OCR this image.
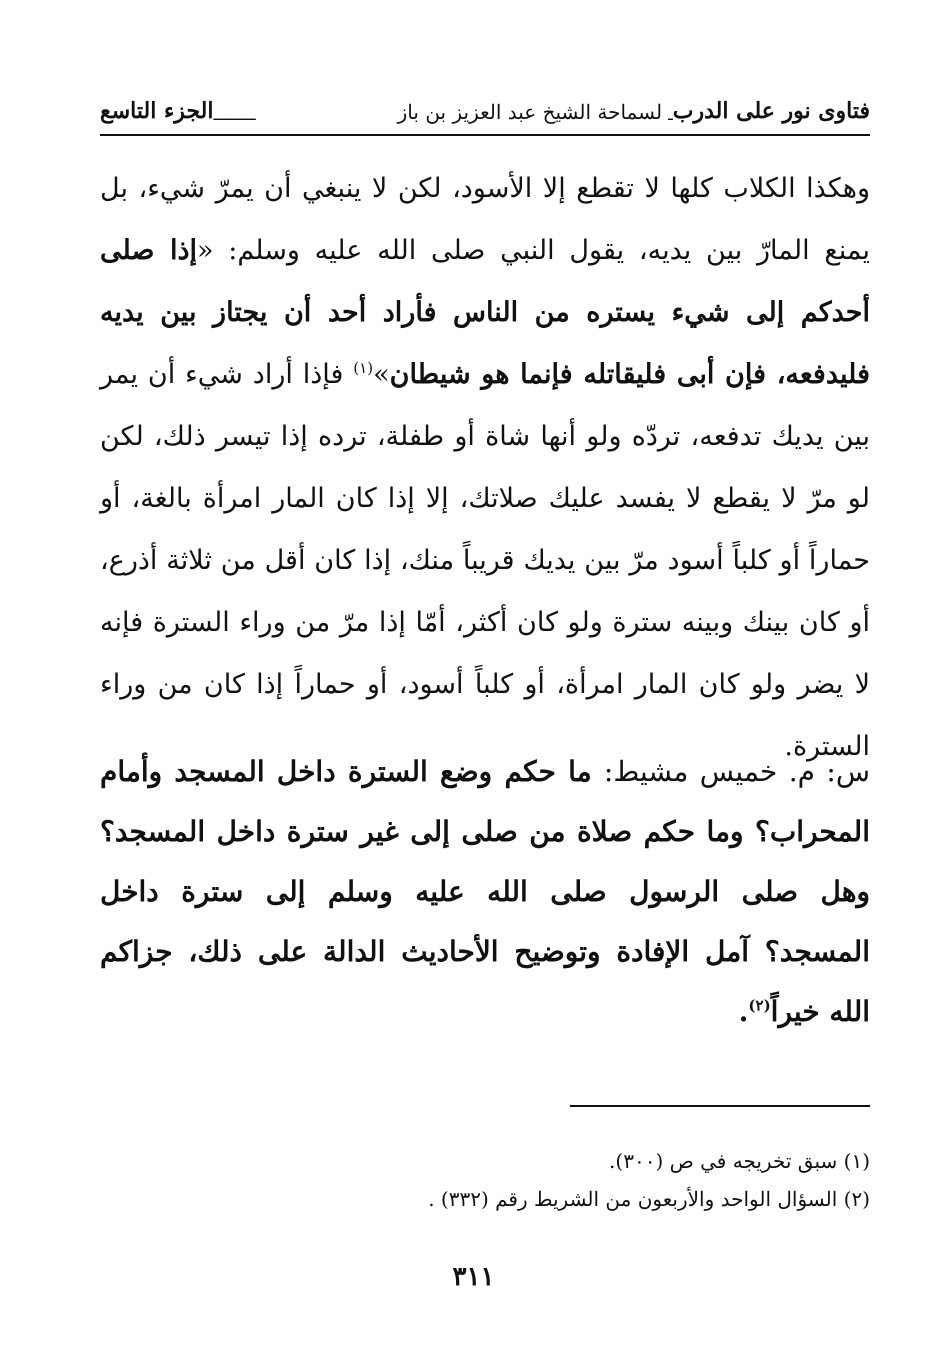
فتاوى نور على الدرب
ـ
لسماحة الشيخ عبد العزيز بن باز
ـــــــــ
الجزء التاسع
وهكذا الكلاب كلها لا تقطع إلا الأسود، لكن لا ينبغي أن يمرّ شيء، بل يمنع المارّ بين يديه، يقول النبي صلى الله عليه وسلم: «إذا صلى أحدكم إلى شيء يستره من الناس فأراد أحد أن يجتاز بين يديه فليدفعه، فإن أبى فليقاتله فإنما هو شيطان»$^{(١)}$ فإذا أراد شيء أن يمر بين يديك تدفعه، تردّه ولو أنها شاة أو طفلة، ترده إذا تيسر ذلك، لكن لو مرّ لا يقطع لا يفسد عليك صلاتك، إلا إذا كان المار امرأة بالغة، أو حماراً أو كلباً أسود مرّ بين يديك قريباً منك، إذا كان أقل من ثلاثة أذرع، أو كان بينك وبينه سترة ولو كان أكثر، أمّا إذا مرّ من وراء السترة فإنه لا يضر ولو كان المار امرأة، أو كلباً أسود، أو حماراً إذا كان من وراء السترة.
س: م. خميس مشيط: ما حكم وضع السترة داخل المسجد وأمام المحراب؟ وما حكم صلاة من صلى إلى غير سترة داخل المسجد؟ وهل صلى الرسول صلى الله عليه وسلم إلى سترة داخل المسجد؟ آمل الإفادة وتوضيح الأحاديث الدالة على ذلك، جزاكم الله خيراً$^{(٢)}$.
(١) سبق تخريجه في ص (٣٠٠).
(٢) السؤال الواحد والأربعون من الشريط رقم (٣٣٢) .
٣١١
